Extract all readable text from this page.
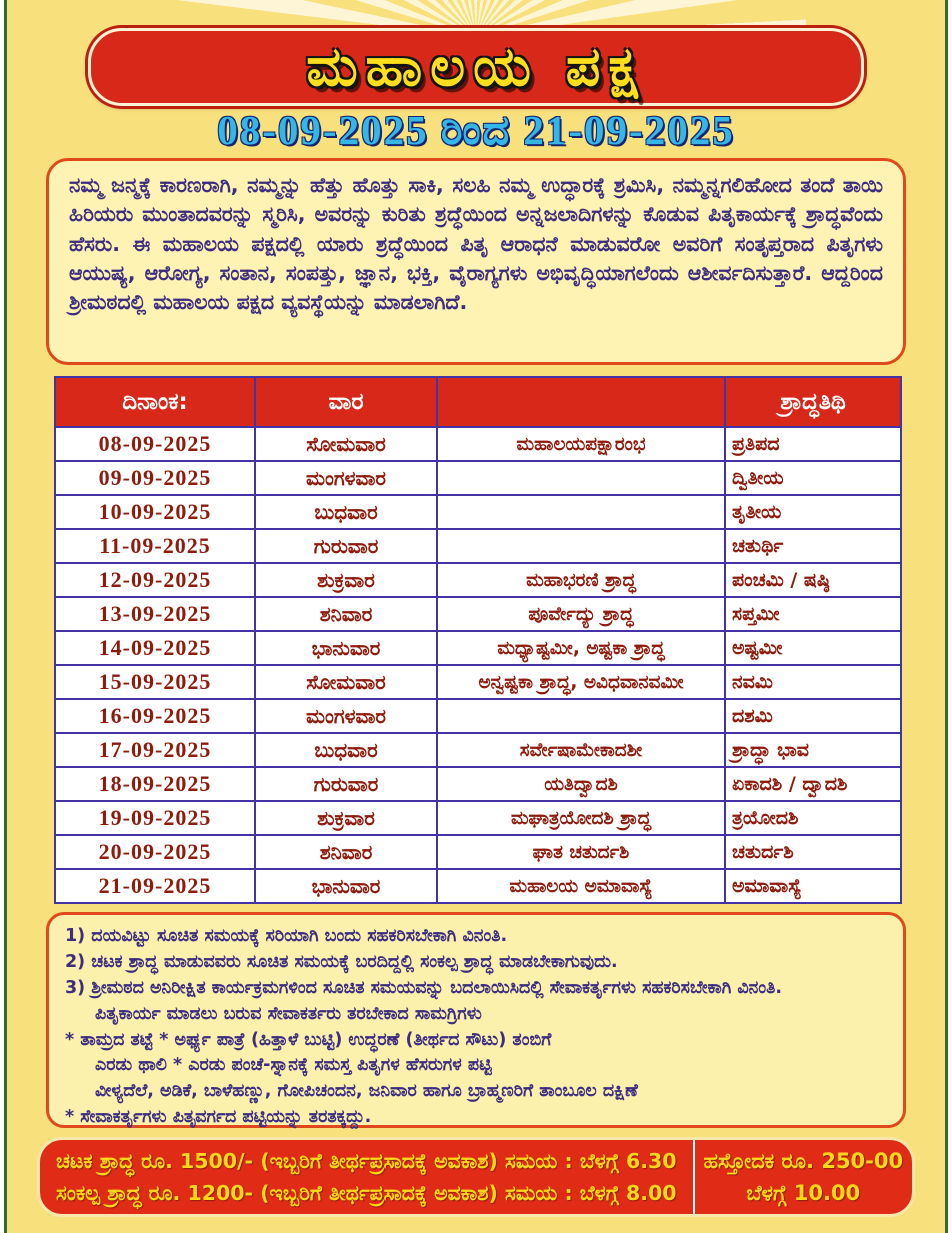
ಮಹಾಲಯ ಪಕ್ಷ
08-09-2025 ರಿಂದ 21-09-2025
ನಮ್ಮ ಜನ್ಮಕ್ಕೆ ಕಾರಣರಾಗಿ, ನಮ್ಮನ್ನು ಹೆತ್ತು ಹೊತ್ತು ಸಾಕಿ, ಸಲಹಿ ನಮ್ಮ ಉದ್ಧಾರಕ್ಕೆ ಶ್ರಮಿಸಿ, ನಮ್ಮನ್ನಗಲಿಹೋದ ತಂದೆ ತಾಯಿ ಹಿರಿಯರು ಮುಂತಾದವರನ್ನು ಸ್ಮರಿಸಿ, ಅವರನ್ನು ಕುರಿತು ಶ್ರದ್ಧೆಯಿಂದ ಅನ್ನಜಲಾದಿಗಳನ್ನು ಕೊಡುವ ಪಿತೃಕಾರ್ಯಕ್ಕೆ ಶ್ರಾದ್ಧವೆಂದು ಹೆಸರು. ಈ ಮಹಾಲಯ ಪಕ್ಷದಲ್ಲಿ ಯಾರು ಶ್ರದ್ಧೆಯಿಂದ ಪಿತೃ ಆರಾಧನೆ ಮಾಡುವರೋ ಅವರಿಗೆ ಸಂತೃಪ್ತರಾದ ಪಿತೃಗಳು ಆಯುಷ್ಯ, ಆರೋಗ್ಯ, ಸಂತಾನ, ಸಂಪತ್ತು, ಜ್ಞಾನ, ಭಕ್ತಿ, ವೈರಾಗ್ಯಗಳು ಅಭಿವೃದ್ಧಿಯಾಗಲೆಂದು ಆಶೀರ್ವದಿಸುತ್ತಾರೆ. ಆದ್ದರಿಂದ ಶ್ರೀಮಠದಲ್ಲಿ ಮಹಾಲಯ ಪಕ್ಷದ ವ್ಯವಸ್ಥೆಯನ್ನು ಮಾಡಲಾಗಿದೆ.
ದಿನಾಂಕ:	ವಾರ		ಶ್ರಾದ್ಧತಿಥಿ
08-09-2025	ಸೋಮವಾರ	ಮಹಾಲಯಪಕ್ಷಾರಂಭ	ಪ್ರತಿಪದ
09-09-2025	ಮಂಗಳವಾರ		ದ್ವಿತೀಯ
10-09-2025	ಬುಧವಾರ		ತೃತೀಯ
11-09-2025	ಗುರುವಾರ		ಚತುರ್ಥಿ
12-09-2025	ಶುಕ್ರವಾರ	ಮಹಾಭರಣಿ ಶ್ರಾದ್ಧ	ಪಂಚಮಿ / ಷಷ್ಠಿ
13-09-2025	ಶನಿವಾರ	ಪೂರ್ವೇದ್ಯು ಶ್ರಾದ್ಧ	ಸಪ್ತಮೀ
14-09-2025	ಭಾನುವಾರ	ಮಧ್ಯಾಷ್ಟಮೀ, ಅಷ್ಟಕಾ ಶ್ರಾದ್ಧ	ಅಷ್ಟಮೀ
15-09-2025	ಸೋಮವಾರ	ಅನ್ವಷ್ಟಕಾ ಶ್ರಾದ್ಧ, ಅವಿಧವಾನವಮೀ	ನವಮಿ
16-09-2025	ಮಂಗಳವಾರ		ದಶಮಿ
17-09-2025	ಬುಧವಾರ	ಸರ್ವೇಷಾಮೇಕಾದಶೀ	ಶ್ರಾದ್ಧಾ ಭಾವ
18-09-2025	ಗುರುವಾರ	ಯತಿದ್ವಾದಶಿ	ಏಕಾದಶಿ / ದ್ವಾದಶಿ
19-09-2025	ಶುಕ್ರವಾರ	ಮಘಾತ್ರಯೋದಶಿ ಶ್ರಾದ್ಧ	ತ್ರಯೋದಶಿ
20-09-2025	ಶನಿವಾರ	ಘಾತ ಚತುರ್ದಶಿ	ಚತುರ್ದಶಿ
21-09-2025	ಭಾನುವಾರ	ಮಹಾಲಯ ಅಮಾವಾಸ್ಯೆ	ಅಮಾವಾಸ್ಯೆ
1) ದಯವಿಟ್ಟು ಸೂಚಿತ ಸಮಯಕ್ಕೆ ಸರಿಯಾಗಿ ಬಂದು ಸಹಕರಿಸಬೇಕಾಗಿ ವಿನಂತಿ.
2) ಚಟಕ ಶ್ರಾದ್ಧ ಮಾಡುವವರು ಸೂಚಿತ ಸಮಯಕ್ಕೆ ಬರದಿದ್ದಲ್ಲಿ ಸಂಕಲ್ಪ ಶ್ರಾದ್ಧ ಮಾಡಬೇಕಾಗುವುದು.
3) ಶ್ರೀಮಠದ ಅನಿರೀಕ್ಷಿತ ಕಾರ್ಯಕ್ರಮಗಳಿಂದ ಸೂಚಿತ ಸಮಯವನ್ನು ಬದಲಾಯಿಸಿದಲ್ಲಿ ಸೇವಾಕರ್ತೃಗಳು ಸಹಕರಿಸಬೇಕಾಗಿ ವಿನಂತಿ.
ಪಿತೃಕಾರ್ಯ ಮಾಡಲು ಬರುವ ಸೇವಾಕರ್ತರು ತರಬೇಕಾದ ಸಾಮಗ್ರಿಗಳು
* ತಾಮ್ರದ ತಟ್ಟೆ * ಅರ್ಘ್ಯ ಪಾತ್ರೆ (ಹಿತ್ತಾಳೆ ಬುಟ್ಟಿ) ಉದ್ಧರಣೆ (ತೀರ್ಥದ ಸೌಟು) ತಂಬಿಗೆ
ಎರಡು ಥಾಲಿ * ಎರಡು ಪಂಚೆ-ಸ್ನಾನಕ್ಕೆ ಸಮಸ್ತ ಪಿತೃಗಳ ಹೆಸರುಗಳ ಪಟ್ಟಿ
ವೀಳ್ಯದೆಲೆ, ಅಡಿಕೆ, ಬಾಳೆಹಣ್ಣು, ಗೋಪಿಚಂದನ, ಜನಿವಾರ ಹಾಗೂ ಬ್ರಾಹ್ಮಣರಿಗೆ ತಾಂಬೂಲ ದಕ್ಷಿಣೆ
* ಸೇವಾಕರ್ತೃಗಳು ಪಿತೃವರ್ಗದ ಪಟ್ಟಿಯನ್ನು ತರತಕ್ಕದ್ದು.
ಚಟಕ ಶ್ರಾದ್ಧ ರೂ. 1500/- (ಇಬ್ಬರಿಗೆ ತೀರ್ಥಪ್ರಸಾದಕ್ಕೆ ಅವಕಾಶ) ಸಮಯ : ಬೆಳಗ್ಗೆ 6.30
ಸಂಕಲ್ಪ ಶ್ರಾದ್ಧ ರೂ. 1200- (ಇಬ್ಬರಿಗೆ ತೀರ್ಥಪ್ರಸಾದಕ್ಕೆ ಅವಕಾಶ) ಸಮಯ : ಬೆಳಗ್ಗೆ 8.00
ಹಸ್ತೋದಕ ರೂ. 250-00
ಬೆಳಗ್ಗೆ 10.00
